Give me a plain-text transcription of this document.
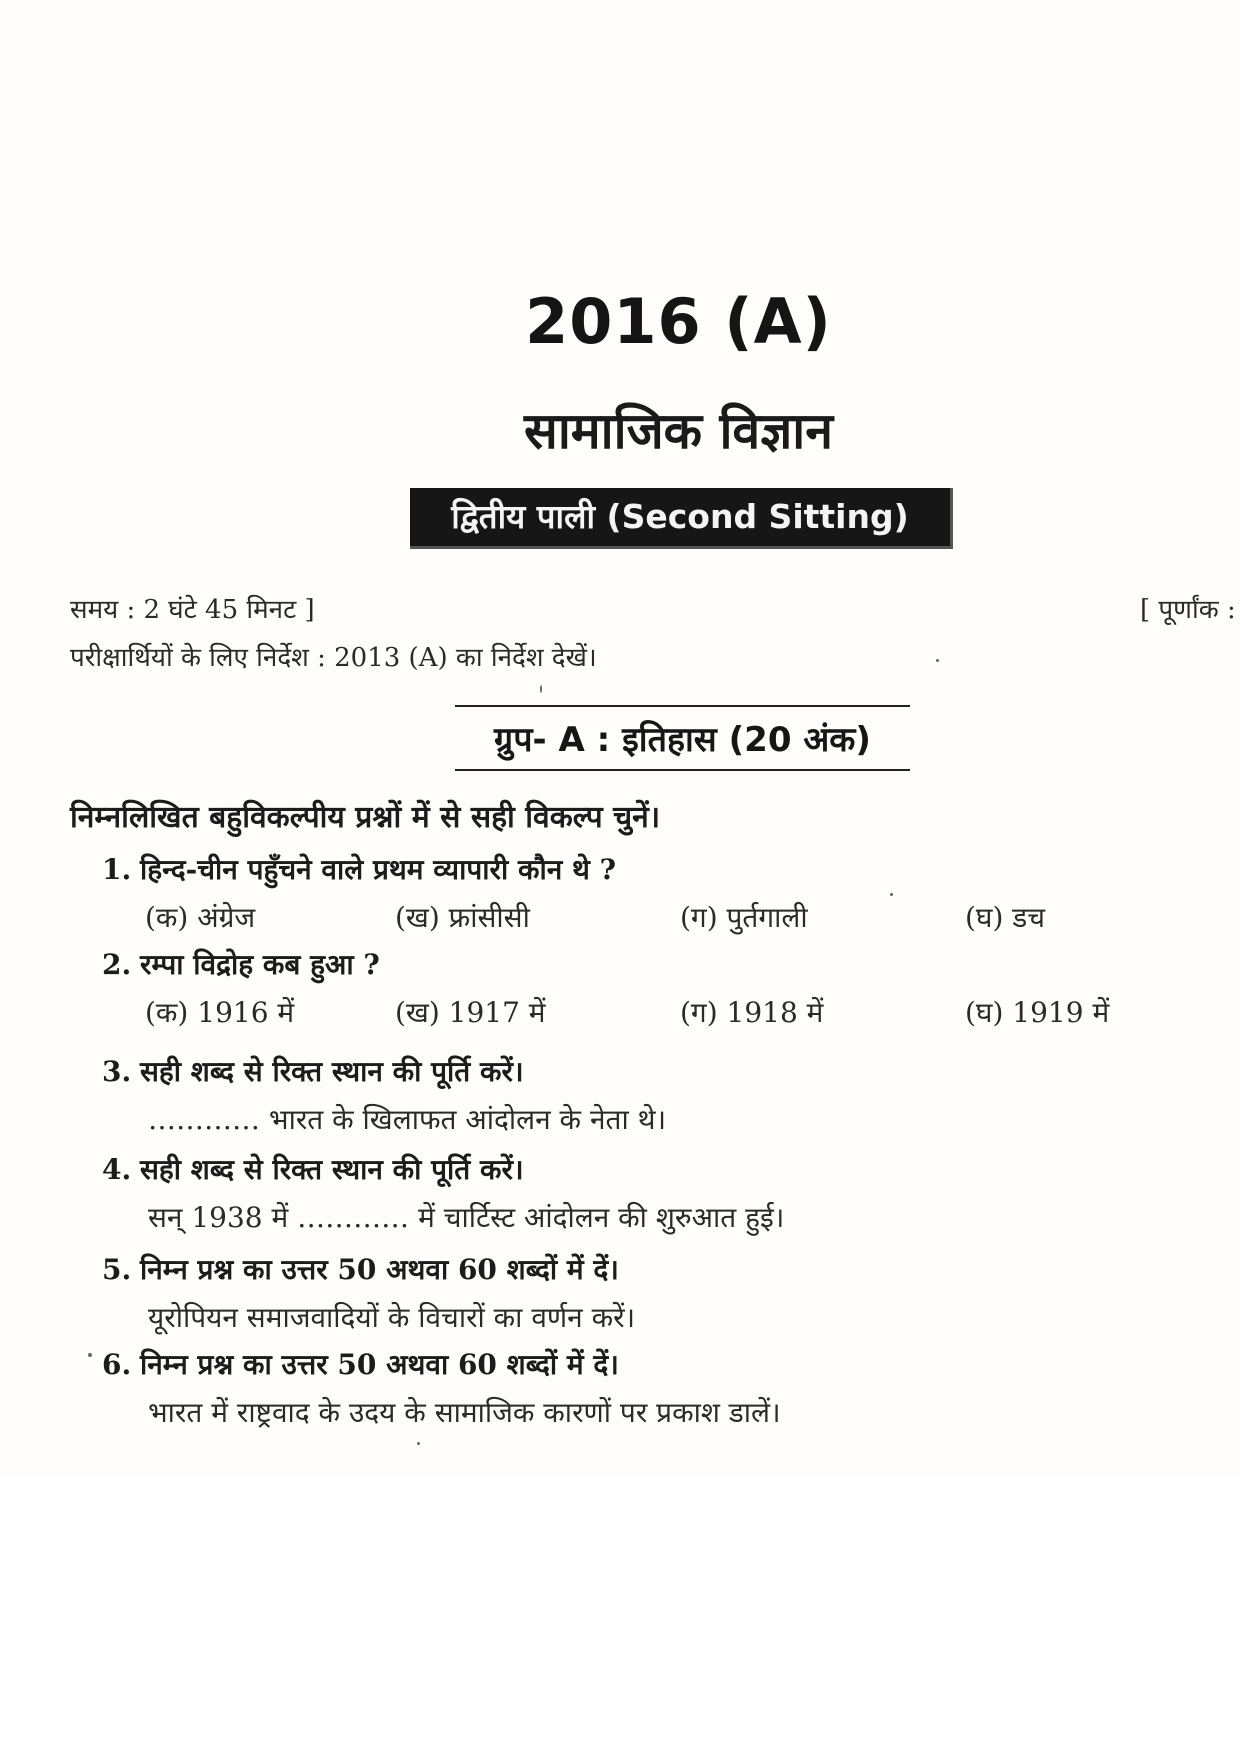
2016 (A)
सामाजिक विज्ञान
द्वितीय पाली (Second Sitting)
समय : 2 घंटे 45 मिनट ]	[ पूर्णांक :
परीक्षार्थियों के लिए निर्देश : 2013 (A) का निर्देश देखें।
ग्रुप- A : इतिहास (20 अंक)
निम्नलिखित बहुविकल्पीय प्रश्नों में से सही विकल्प चुनें।
1. हिन्द-चीन पहुँचने वाले प्रथम व्यापारी कौन थे ?
(क) अंग्रेज	(ख) फ्रांसीसी	(ग) पुर्तगाली	(घ) डच
2. रम्पा विद्रोह कब हुआ ?
(क) 1916 में	(ख) 1917 में	(ग) 1918 में	(घ) 1919 में
3. सही शब्द से रिक्त स्थान की पूर्ति करें।
………… भारत के खिलाफत आंदोलन के नेता थे।
4. सही शब्द से रिक्त स्थान की पूर्ति करें।
सन् 1938 में ………… में चार्टिस्ट आंदोलन की शुरुआत हुई।
5. निम्न प्रश्न का उत्तर 50 अथवा 60 शब्दों में दें।
यूरोपियन समाजवादियों के विचारों का वर्णन करें।
6. निम्न प्रश्न का उत्तर 50 अथवा 60 शब्दों में दें।
भारत में राष्ट्रवाद के उदय के सामाजिक कारणों पर प्रकाश डालें।
